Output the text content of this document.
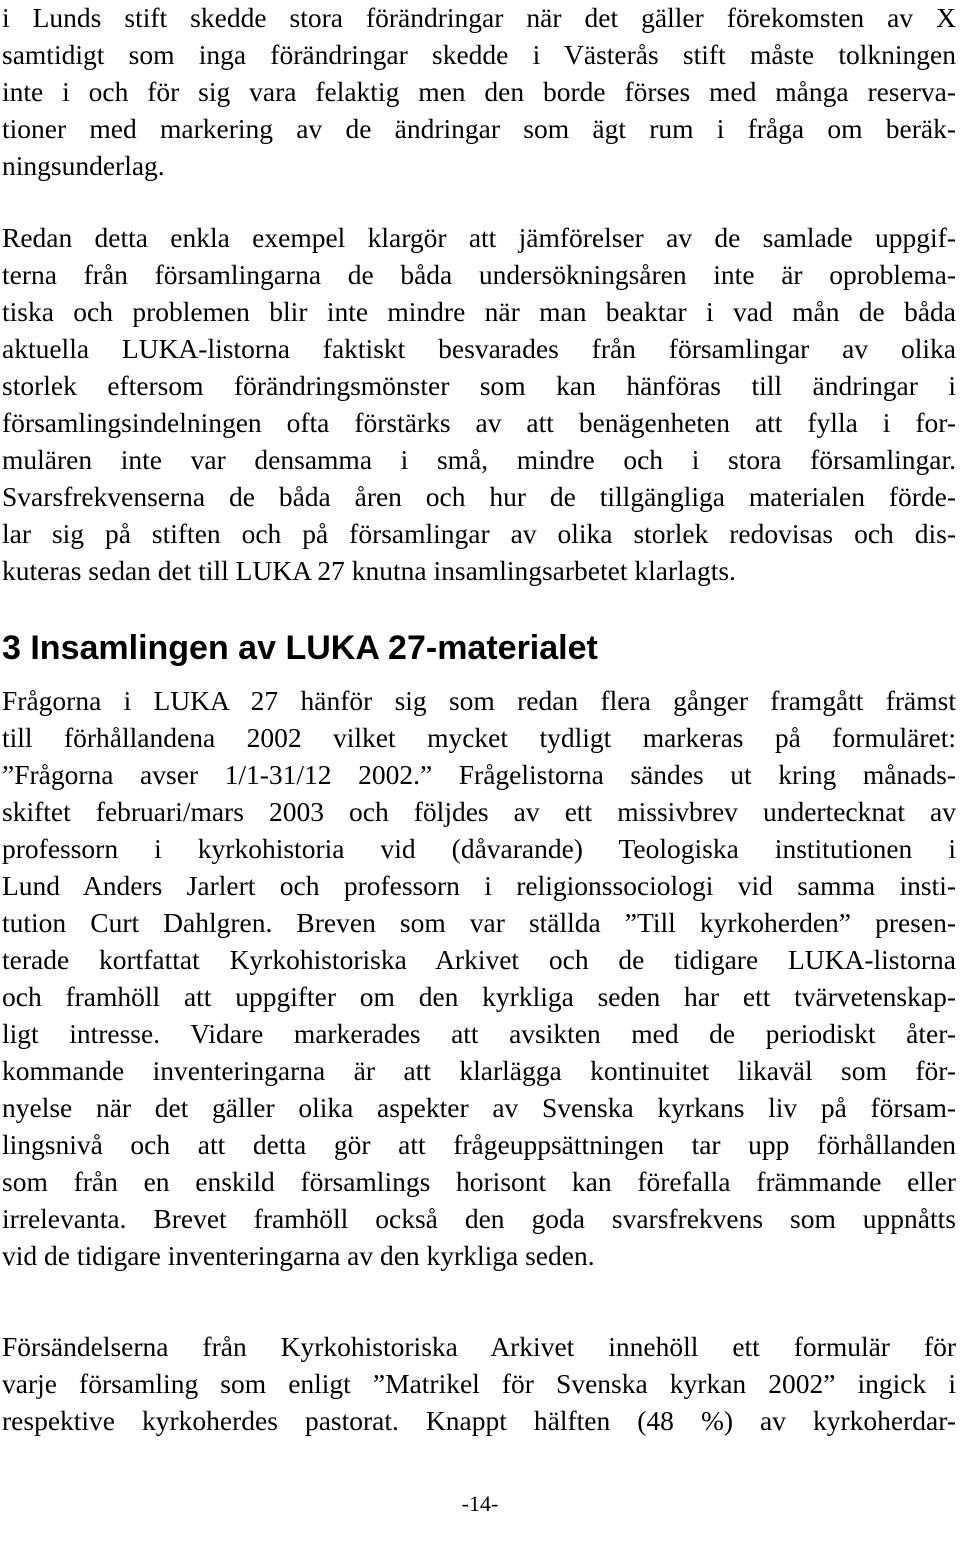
i Lunds stift skedde stora förändringar när det gäller förekomsten av X
samtidigt som inga förändringar skedde i Västerås stift måste tolkningen
inte i och för sig vara felaktig men den borde förses med många reserva-
tioner med markering av de ändringar som ägt rum i fråga om beräk-
ningsunderlag.
Redan detta enkla exempel klargör att jämförelser av de samlade uppgif-
terna från församlingarna de båda undersökningsåren inte är oproblema-
tiska och problemen blir inte mindre när man beaktar i vad mån de båda
aktuella LUKA-listorna faktiskt besvarades från församlingar av olika
storlek eftersom förändringsmönster som kan hänföras till ändringar i
församlingsindelningen ofta förstärks av att benägenheten att fylla i for-
mulären inte var densamma i små, mindre och i stora församlingar.
Svarsfrekvenserna de båda åren och hur de tillgängliga materialen förde-
lar sig på stiften och på församlingar av olika storlek redovisas och dis-
kuteras sedan det till LUKA 27 knutna insamlingsarbetet klarlagts.
3 Insamlingen av LUKA 27-materialet
Frågorna i LUKA 27 hänför sig som redan flera gånger framgått främst
till förhållandena 2002 vilket mycket tydligt markeras på formuläret:
”Frågorna avser 1/1-31/12 2002.” Frågelistorna sändes ut kring månads-
skiftet februari/mars 2003 och följdes av ett missivbrev undertecknat av
professorn i kyrkohistoria vid (dåvarande) Teologiska institutionen i
Lund Anders Jarlert och professorn i religionssociologi vid samma insti-
tution Curt Dahlgren. Breven som var ställda ”Till kyrkoherden” presen-
terade kortfattat Kyrkohistoriska Arkivet och de tidigare LUKA-listorna
och framhöll att uppgifter om den kyrkliga seden har ett tvärvetenskap-
ligt intresse. Vidare markerades att avsikten med de periodiskt åter-
kommande inventeringarna är att klarlägga kontinuitet likaväl som för-
nyelse när det gäller olika aspekter av Svenska kyrkans liv på försam-
lingsnivå och att detta gör att frågeuppsättningen tar upp förhållanden
som från en enskild församlings horisont kan förefalla främmande eller
irrelevanta. Brevet framhöll också den goda svarsfrekvens som uppnåtts
vid de tidigare inventeringarna av den kyrkliga seden.
Försändelserna från Kyrkohistoriska Arkivet innehöll ett formulär för
varje församling som enligt ”Matrikel för Svenska kyrkan 2002” ingick i
respektive kyrkoherdes pastorat. Knappt hälften (48 %) av kyrkoherdar-
-14-
